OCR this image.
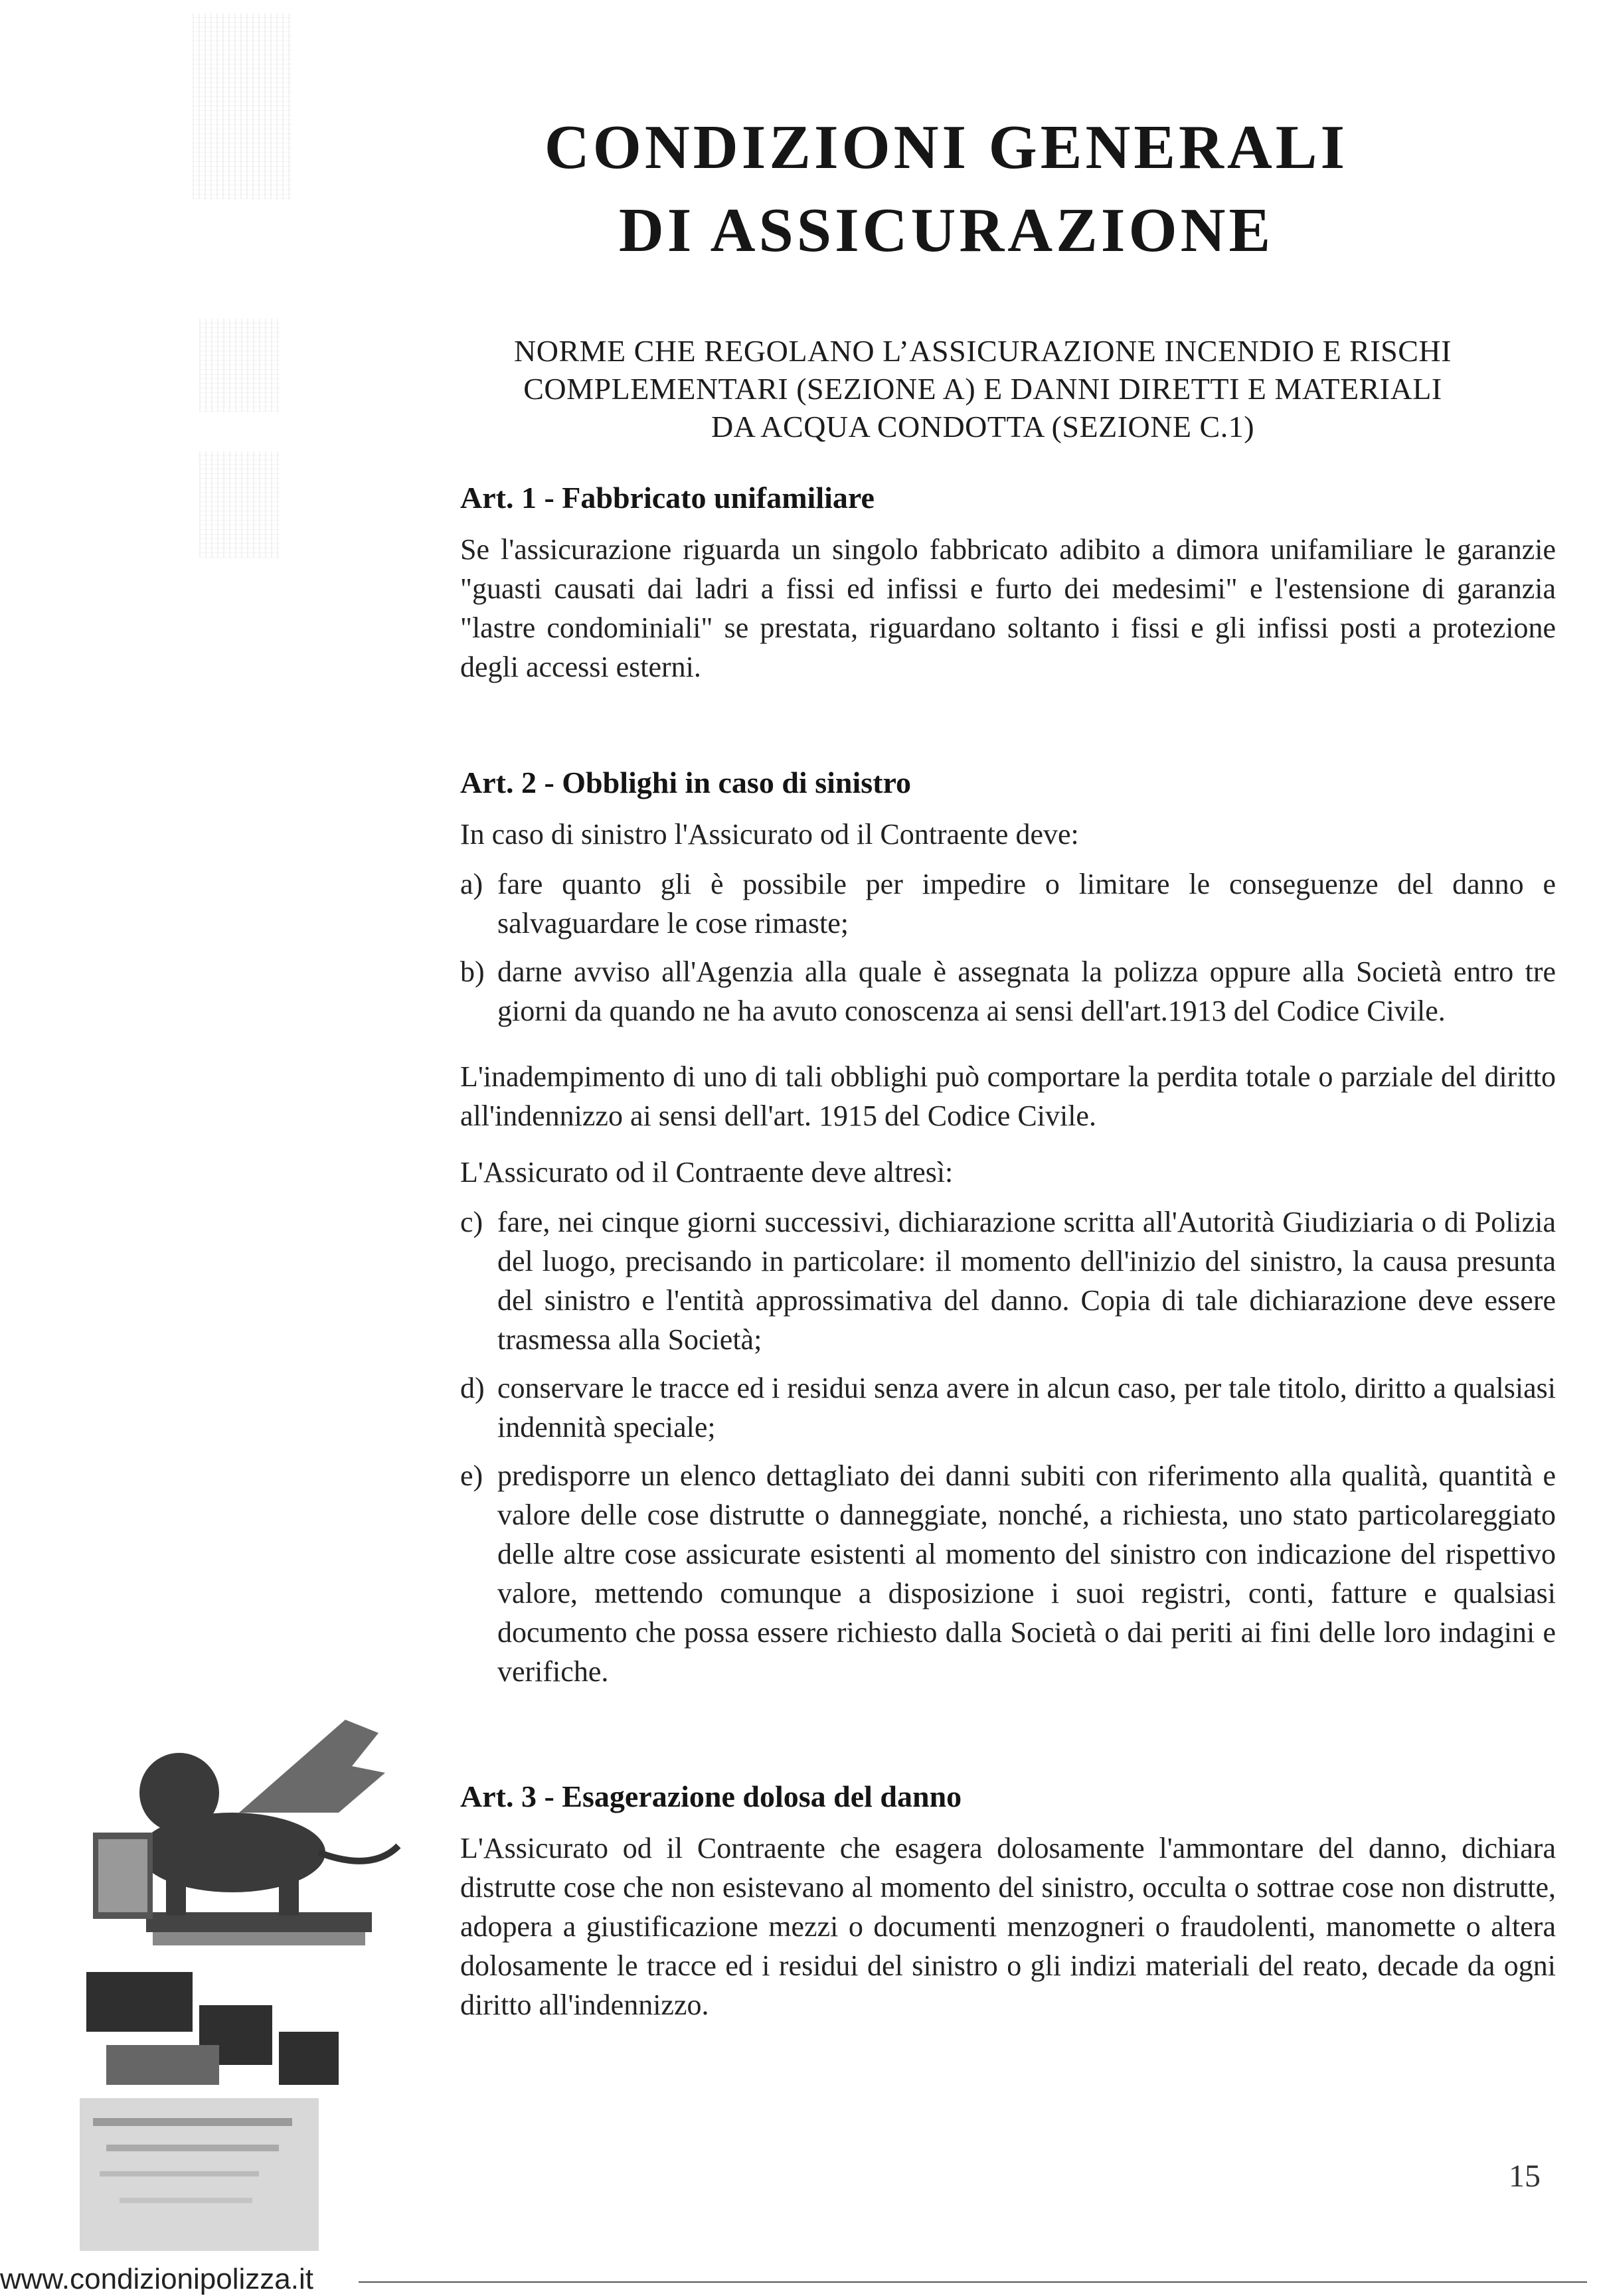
CONDIZIONI GENERALI
DI ASSICURAZIONE
NORME CHE REGOLANO L’ASSICURAZIONE INCENDIO E RISCHI
COMPLEMENTARI (SEZIONE A) E DANNI DIRETTI E MATERIALI
DA ACQUA CONDOTTA (SEZIONE C.1)
Art. 1 - Fabbricato unifamiliare

Se l'assicurazione riguarda un singolo fabbricato adibito a dimora unifamiliare le garanzie "guasti causati dai ladri a fissi ed infissi e furto dei medesimi" e l'estensione di garanzia "lastre condominiali" se prestata, riguardano soltanto i fissi e gli infissi posti a protezione degli accessi esterni.

Art. 2 - Obblighi in caso di sinistro

In caso di sinistro l'Assicurato od il Contraente deve:

a) fare quanto gli è possibile per impedire o limitare le conseguenze del danno e salvaguardare le cose rimaste;
b) darne avviso all'Agenzia alla quale è assegnata la polizza oppure alla Società entro tre giorni da quando ne ha avuto conoscenza ai sensi dell'art.1913 del Codice Civile.

L'inadempimento di uno di tali obblighi può comportare la perdita totale o parziale del diritto all'indennizzo ai sensi dell'art. 1915 del Codice Civile.

L'Assicurato od il Contraente deve altresì:

c) fare, nei cinque giorni successivi, dichiarazione scritta all'Autorità Giudiziaria o di Polizia del luogo, precisando in particolare: il momento dell'inizio del sinistro, la causa presunta del sinistro e l'entità approssimativa del danno. Copia di tale dichiarazione deve essere trasmessa alla Società;
d) conservare le tracce ed i residui senza avere in alcun caso, per tale titolo, diritto a qualsiasi indennità speciale;
e) predisporre un elenco dettagliato dei danni subiti con riferimento alla qualità, quantità e valore delle cose distrutte o danneggiate, nonché, a richiesta, uno stato particolareggiato delle altre cose assicurate esistenti al momento del sinistro con indicazione del rispettivo valore, mettendo comunque a disposizione i suoi registri, conti, fatture e qualsiasi documento che possa essere richiesto dalla Società o dai periti ai fini delle loro indagini e verifiche.
Art. 3 - Esagerazione dolosa del danno

L'Assicurato od il Contraente che esagera dolosamente l'ammontare del danno, dichiara distrutte cose che non esistevano al momento del sinistro, occulta o sottrae cose non distrutte, adopera a giustificazione mezzi o documenti menzogneri o fraudolenti, manomette o altera dolosamente le tracce ed i residui del sinistro o gli indizi materiali del reato, decade da ogni diritto all'indennizzo.

15
www.condizionipolizza.it
